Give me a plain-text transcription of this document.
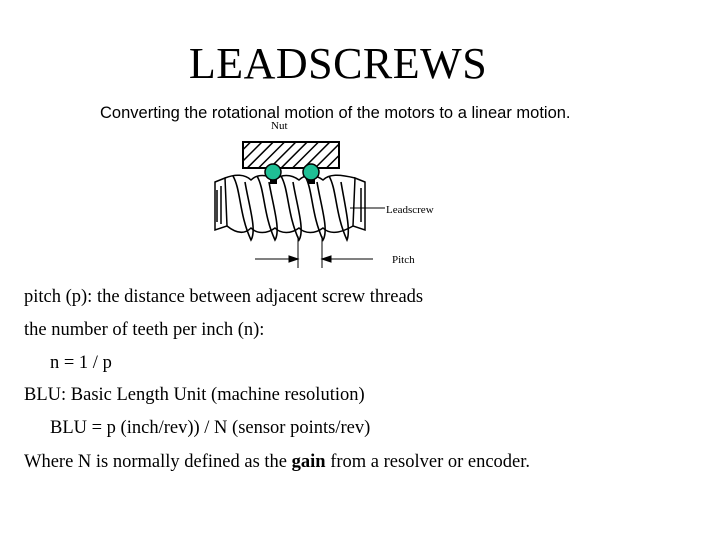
LEADSCREWS
Converting the rotational motion of the motors to a linear motion.
Nut
Leadscrew
Pitch
pitch (p): the distance between adjacent screw threads
the number of teeth per inch (n):
n = 1 / p
BLU: Basic Length Unit (machine resolution)
BLU = p (inch/rev)) / N (sensor points/rev)
Where N is normally defined as the gain from a resolver or encoder.
